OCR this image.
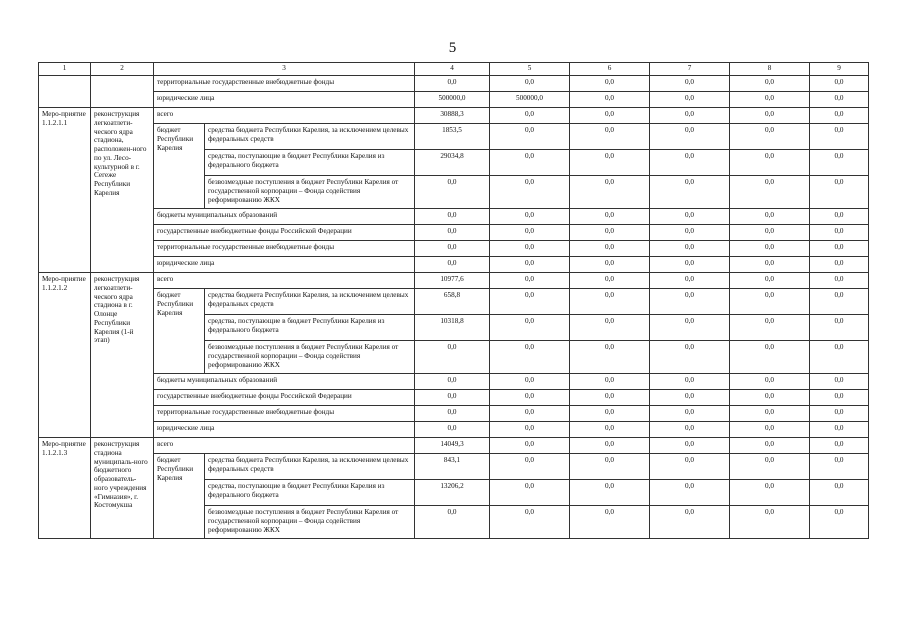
5
1	2	3		4	5	6	7	8	9
		территориальные государственные внебюджетные фонды		0,0	0,0	0,0	0,0	0,0	0,0
		юридические лица		500000,0	500000,0	0,0	0,0	0,0	0,0
Меро-приятие 1.1.2.1.1	реконструкция легкоатлети-ческого ядра стадиона, расположен-ного по ул. Лесо-культурной в г. Сегеже Республики Карелия	всего		30888,3	0,0	0,0	0,0	0,0	0,0
		бюджет Республики Карелия	средства бюджета Республики Карелия, за исключением целевых федеральных средств	1853,5	0,0	0,0	0,0	0,0	0,0
			средства, поступающие в бюджет Республики Карелия из федерального бюджета	29034,8	0,0	0,0	0,0	0,0	0,0
			безвозмездные поступления в бюджет Республики Карелия от государственной корпорации – Фонда содействия реформированию ЖКХ	0,0	0,0	0,0	0,0	0,0	0,0
		бюджеты муниципальных образований		0,0	0,0	0,0	0,0	0,0	0,0
		государственные внебюджетные фонды Российской Федерации		0,0	0,0	0,0	0,0	0,0	0,0
		территориальные государственные внебюджетные фонды		0,0	0,0	0,0	0,0	0,0	0,0
		юридические лица		0,0	0,0	0,0	0,0	0,0	0,0
Меро-приятие 1.1.2.1.2	реконструкция легкоатлети-ческого ядра стадиона в г. Олонце Республики Карелия (1-й этап)	всего		10977,6	0,0	0,0	0,0	0,0	0,0
		бюджет Республики Карелия	средства бюджета Республики Карелия, за исключением целевых федеральных средств	658,8	0,0	0,0	0,0	0,0	0,0
			средства, поступающие в бюджет Республики Карелия из федерального бюджета	10318,8	0,0	0,0	0,0	0,0	0,0
			безвозмездные поступления в бюджет Республики Карелия от государственной корпорации – Фонда содействия реформированию ЖКХ	0,0	0,0	0,0	0,0	0,0	0,0
		бюджеты муниципальных образований		0,0	0,0	0,0	0,0	0,0	0,0
		государственные внебюджетные фонды Российской Федерации		0,0	0,0	0,0	0,0	0,0	0,0
		территориальные государственные внебюджетные фонды		0,0	0,0	0,0	0,0	0,0	0,0
		юридические лица		0,0	0,0	0,0	0,0	0,0	0,0
Меро-приятие 1.1.2.1.3	реконструкция стадиона муниципаль-ного бюджетного образователь-ного учреждения «Гимназия», г. Костомукша	всего		14049,3	0,0	0,0	0,0	0,0	0,0
		бюджет Республики Карелия	средства бюджета Республики Карелия, за исключением целевых федеральных средств	843,1	0,0	0,0	0,0	0,0	0,0
			средства, поступающие в бюджет Республики Карелия из федерального бюджета	13206,2	0,0	0,0	0,0	0,0	0,0
			безвозмездные поступления в бюджет Республики Карелия от государственной корпорации – Фонда содействия реформированию ЖКХ	0,0	0,0	0,0	0,0	0,0	0,0
